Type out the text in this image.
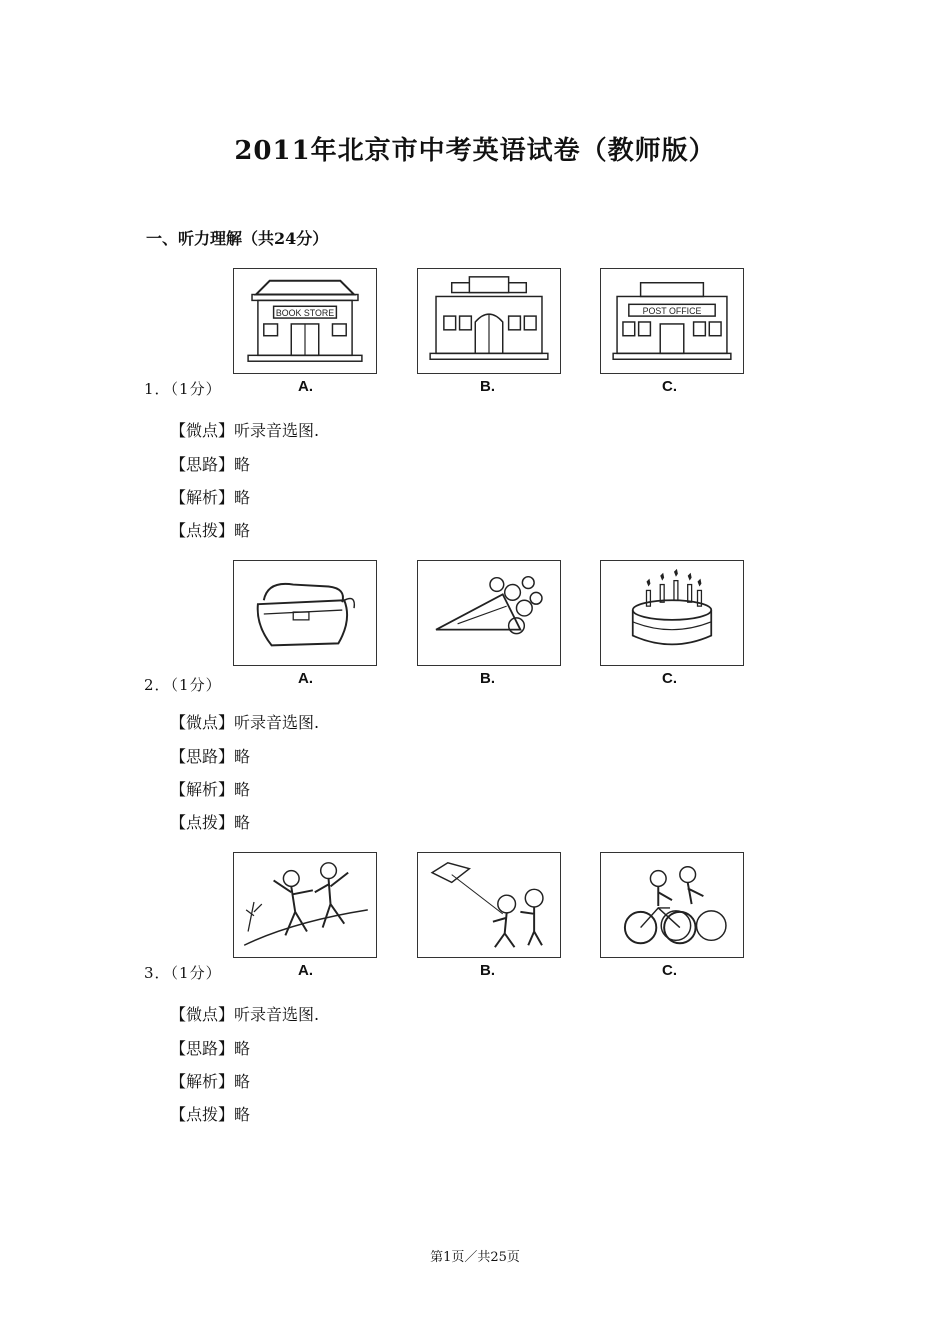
2011年北京市中考英语试卷（教师版）
一、听力理解（共24分）
BOOK STORE	POST OFFICE
A.	B.	C.
1．（1分）
【微点】听录音选图.
【思路】略
【解析】略
【点拨】略
A.	B.	C.
2．（1分）
【微点】听录音选图.
【思路】略
【解析】略
【点拨】略
A.	B.	C.
3．（1分）
【微点】听录音选图.
【思路】略
【解析】略
【点拨】略
第1页／共25页
